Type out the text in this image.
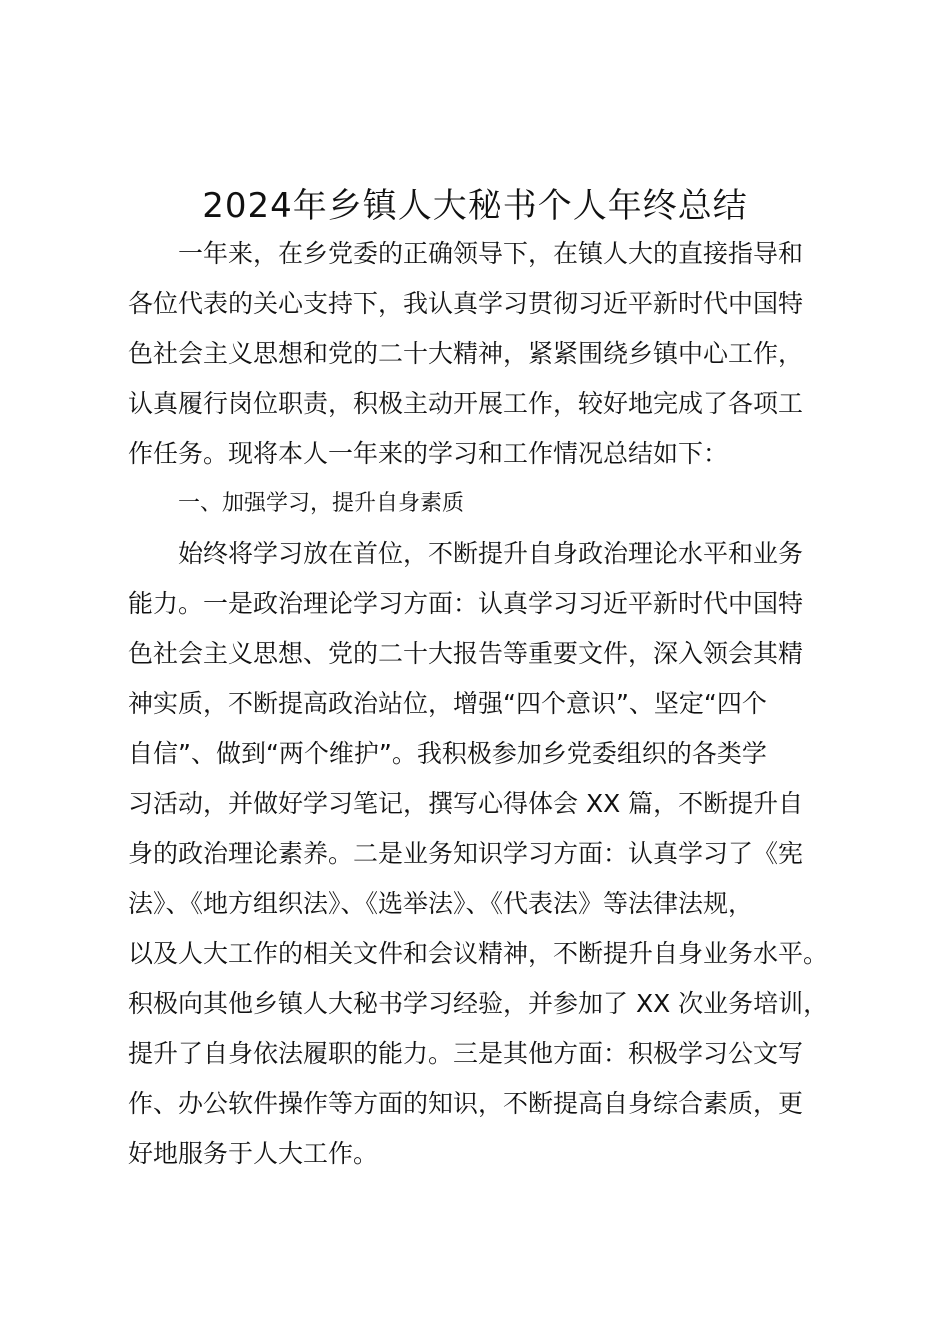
2024年乡镇人大秘书个人年终总结
一年来，在乡党委的正确领导下，在镇人大的直接指导和
各位代表的关心支持下，我认真学习贯彻习近平新时代中国特
色社会主义思想和党的二十大精神，紧紧围绕乡镇中心工作，
认真履行岗位职责，积极主动开展工作，较好地完成了各项工
作任务。现将本人一年来的学习和工作情况总结如下：
一、加强学习，提升自身素质
始终将学习放在首位，不断提升自身政治理论水平和业务
能力。一是政治理论学习方面：认真学习习近平新时代中国特
色社会主义思想、党的二十大报告等重要文件，深入领会其精
神实质，不断提高政治站位，增强“四个意识”、坚定“四个
自信”、做到“两个维护”。我积极参加乡党委组织的各类学
习活动，并做好学习笔记，撰写心得体会 XX 篇，不断提升自
身的政治理论素养。二是业务知识学习方面：认真学习了《宪
法》、《地方组织法》、《选举法》、《代表法》等法律法规，
以及人大工作的相关文件和会议精神，不断提升自身业务水平。
积极向其他乡镇人大秘书学习经验，并参加了 XX 次业务培训，
提升了自身依法履职的能力。三是其他方面：积极学习公文写
作、办公软件操作等方面的知识，不断提高自身综合素质，更
好地服务于人大工作。
